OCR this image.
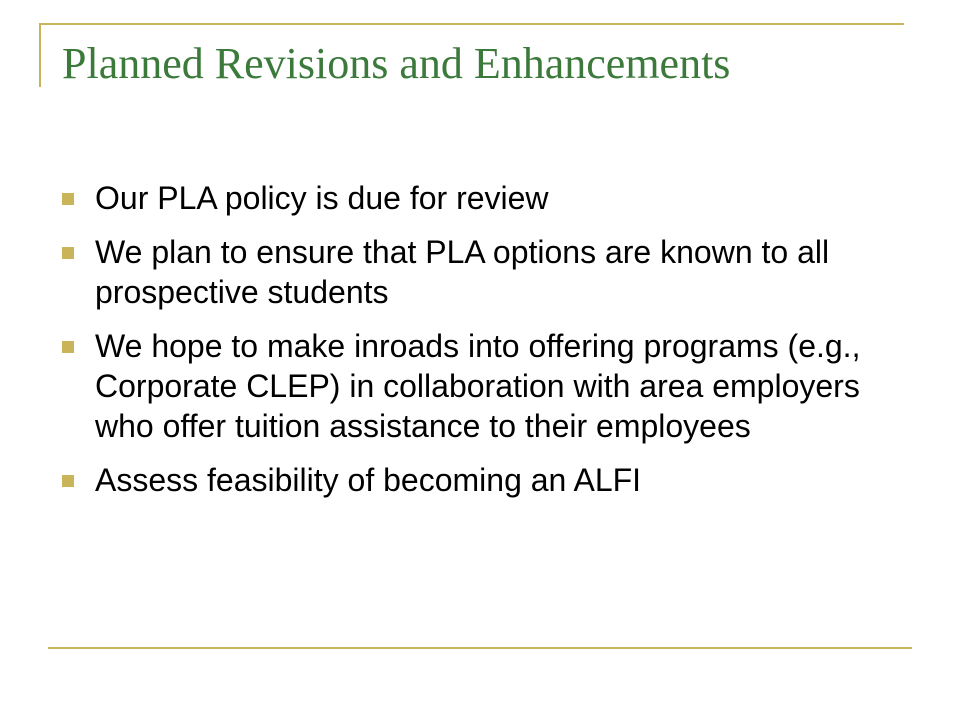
Planned Revisions and Enhancements
Our PLA policy is due for review
We plan to ensure that PLA options are known to all prospective students
We hope to make inroads into offering programs (e.g., Corporate CLEP) in collaboration with area employers who offer tuition assistance to their employees
Assess feasibility of becoming an ALFI
